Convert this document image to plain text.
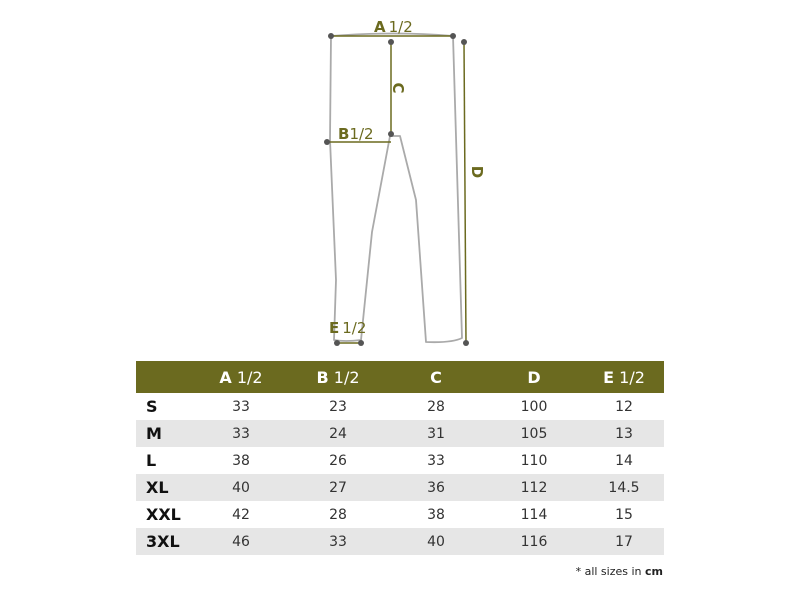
A 1/2
B1/2
C
D
E 1/2
	A 1/2	B 1/2	C	D	E 1/2
S	33	23	28	100	12
M	33	24	31	105	13
L	38	26	33	110	14
XL	40	27	36	112	14.5
XXL	42	28	38	114	15
3XL	46	33	40	116	17
* all sizes in cm
